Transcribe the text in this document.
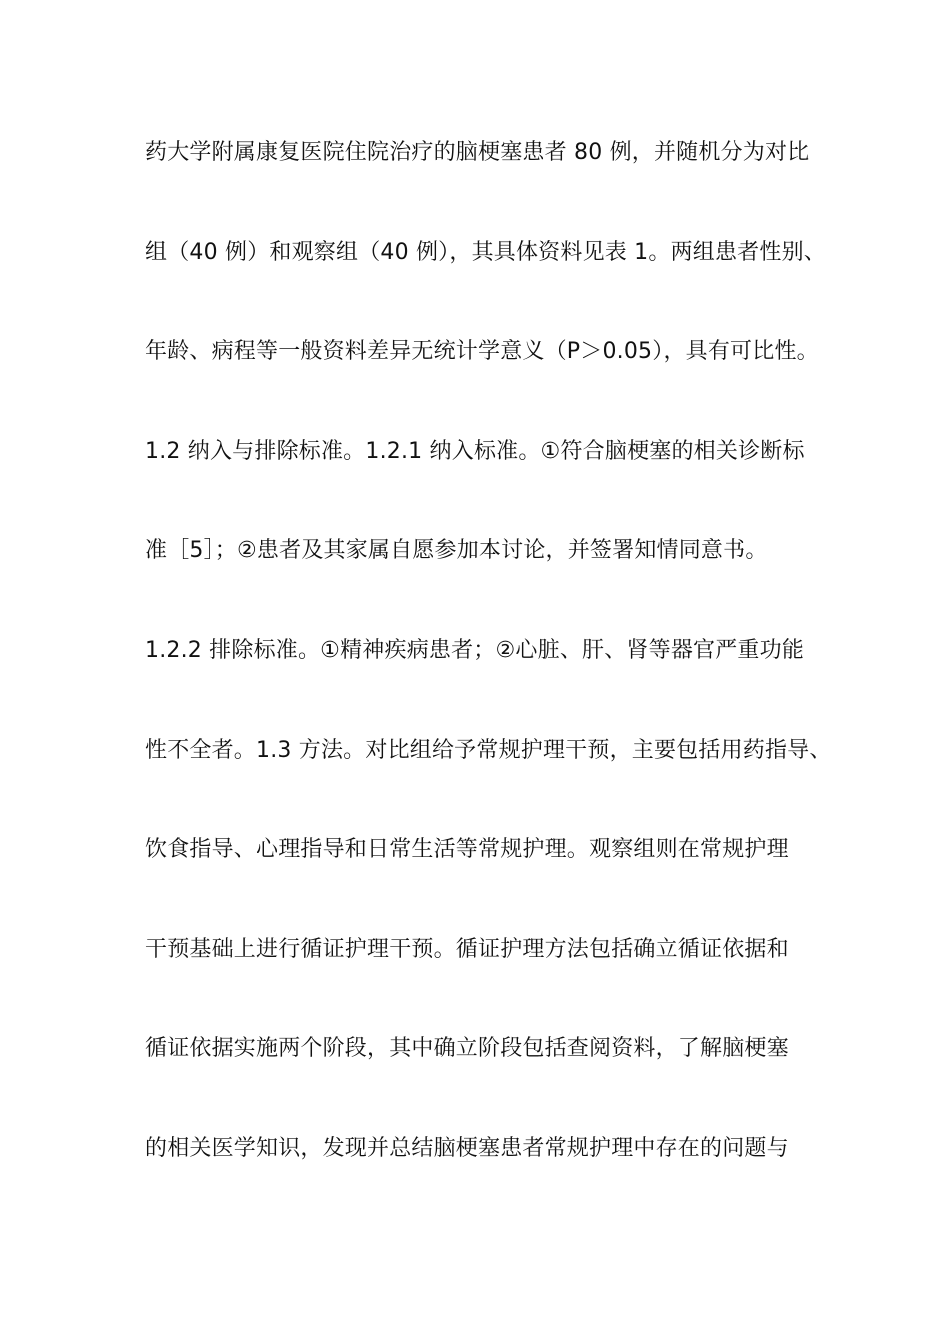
药大学附属康复医院住院治疗的脑梗塞患者 80 例，并随机分为对比
组（40 例）和观察组（40 例），其具体资料见表 1。两组患者性别、
年龄、病程等一般资料差异无统计学意义（P＞0.05），具有可比性。
1.2 纳入与排除标准。1.2.1 纳入标准。①符合脑梗塞的相关诊断标
准［5］；②患者及其家属自愿参加本讨论，并签署知情同意书。
1.2.2 排除标准。①精神疾病患者；②心脏、肝、肾等器官严重功能
性不全者。1.3 方法。对比组给予常规护理干预，主要包括用药指导、
饮食指导、心理指导和日常生活等常规护理。观察组则在常规护理
干预基础上进行循证护理干预。循证护理方法包括确立循证依据和
循证依据实施两个阶段，其中确立阶段包括查阅资料，了解脑梗塞
的相关医学知识，发现并总结脑梗塞患者常规护理中存在的问题与
